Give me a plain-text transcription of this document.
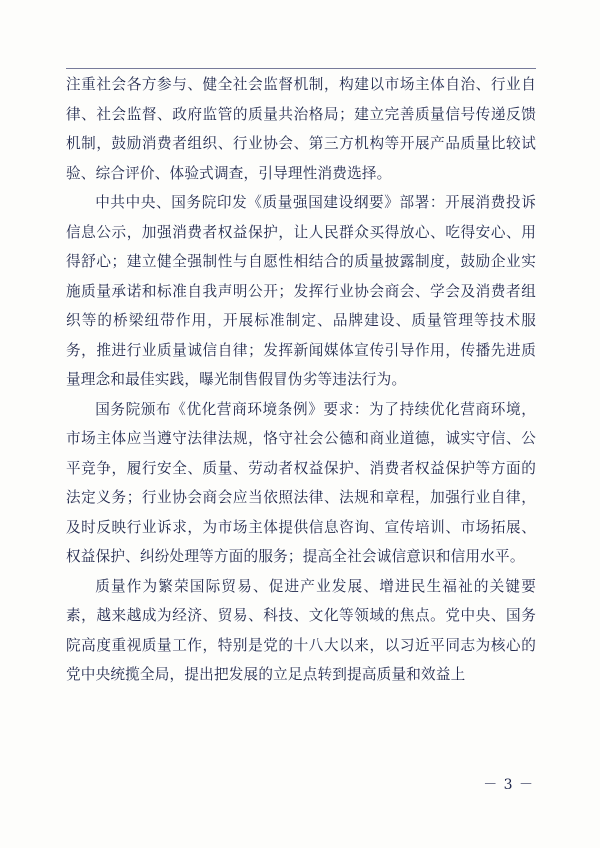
注重社会各方参与、健全社会监督机制，构建以市场主体自治、行业自律、社会监督、政府监管的质量共治格局；建立完善质量信号传递反馈机制，鼓励消费者组织、行业协会、第三方机构等开展产品质量比较试验、综合评价、体验式调查，引导理性消费选择。

中共中央、国务院印发《质量强国建设纲要》部署：开展消费投诉信息公示，加强消费者权益保护，让人民群众买得放心、吃得安心、用得舒心；建立健全强制性与自愿性相结合的质量披露制度，鼓励企业实施质量承诺和标准自我声明公开；发挥行业协会商会、学会及消费者组织等的桥梁纽带作用，开展标准制定、品牌建设、质量管理等技术服务，推进行业质量诚信自律；发挥新闻媒体宣传引导作用，传播先进质量理念和最佳实践，曝光制售假冒伪劣等违法行为。

国务院颁布《优化营商环境条例》要求：为了持续优化营商环境，市场主体应当遵守法律法规，恪守社会公德和商业道德，诚实守信、公平竞争，履行安全、质量、劳动者权益保护、消费者权益保护等方面的法定义务；行业协会商会应当依照法律、法规和章程，加强行业自律，及时反映行业诉求，为市场主体提供信息咨询、宣传培训、市场拓展、权益保护、纠纷处理等方面的服务；提高全社会诚信意识和信用水平。

质量作为繁荣国际贸易、促进产业发展、增进民生福祉的关键要素，越来越成为经济、贸易、科技、文化等领域的焦点。党中央、国务院高度重视质量工作，特别是党的十八大以来，以习近平同志为核心的党中央统揽全局，提出把发展的立足点转到提高质量和效益上

－ 3 －
